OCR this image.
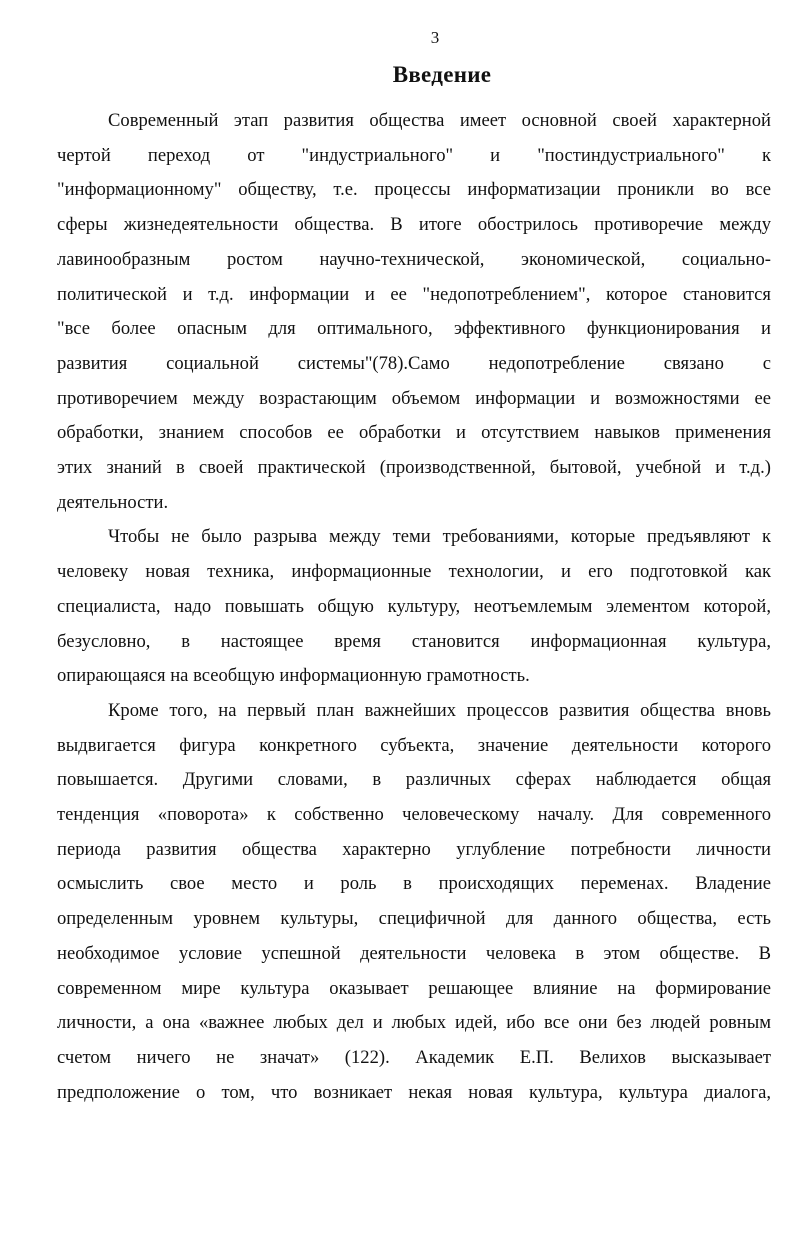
3
Введение

Современный этап развития общества имеет основной своей характерной
чертой переход от "индустриального" и "постиндустриального" к
"информационному" обществу, т.е. процессы информатизации проникли во все
сферы жизнедеятельности общества. В итоге обострилось противоречие между
лавинообразным ростом научно-технической, экономической, социально-
политической и т.д. информации и ее "недопотреблением", которое становится
"все более опасным для оптимального, эффективного функционирования и
развития социальной системы"(78).Само недопотребление связано с
противоречием между возрастающим объемом информации и возможностями ее
обработки, знанием способов ее обработки и отсутствием навыков применения
этих знаний в своей практической (производственной, бытовой, учебной и т.д.)
деятельности.

Чтобы не было разрыва между теми требованиями, которые предъявляют к
человеку новая техника, информационные технологии, и его подготовкой как
специалиста, надо повышать общую культуру, неотъемлемым элементом которой,
безусловно, в настоящее время становится информационная культура,
опирающаяся на всеобщую информационную грамотность.

Кроме того, на первый план важнейших процессов развития общества вновь
выдвигается фигура конкретного субъекта, значение деятельности которого
повышается. Другими словами, в различных сферах наблюдается общая
тенденция «поворота» к собственно человеческому началу. Для современного
периода развития общества характерно углубление потребности личности
осмыслить свое место и роль в происходящих переменах. Владение
определенным уровнем культуры, специфичной для данного общества, есть
необходимое условие успешной деятельности человека в этом обществе. В
современном мире культура оказывает решающее влияние на формирование
личности, а она «важнее любых дел и любых идей, ибо все они без людей ровным
счетом ничего не значат» (122). Академик Е.П. Велихов высказывает
предположение о том, что возникает некая новая культура, культура диалога,
